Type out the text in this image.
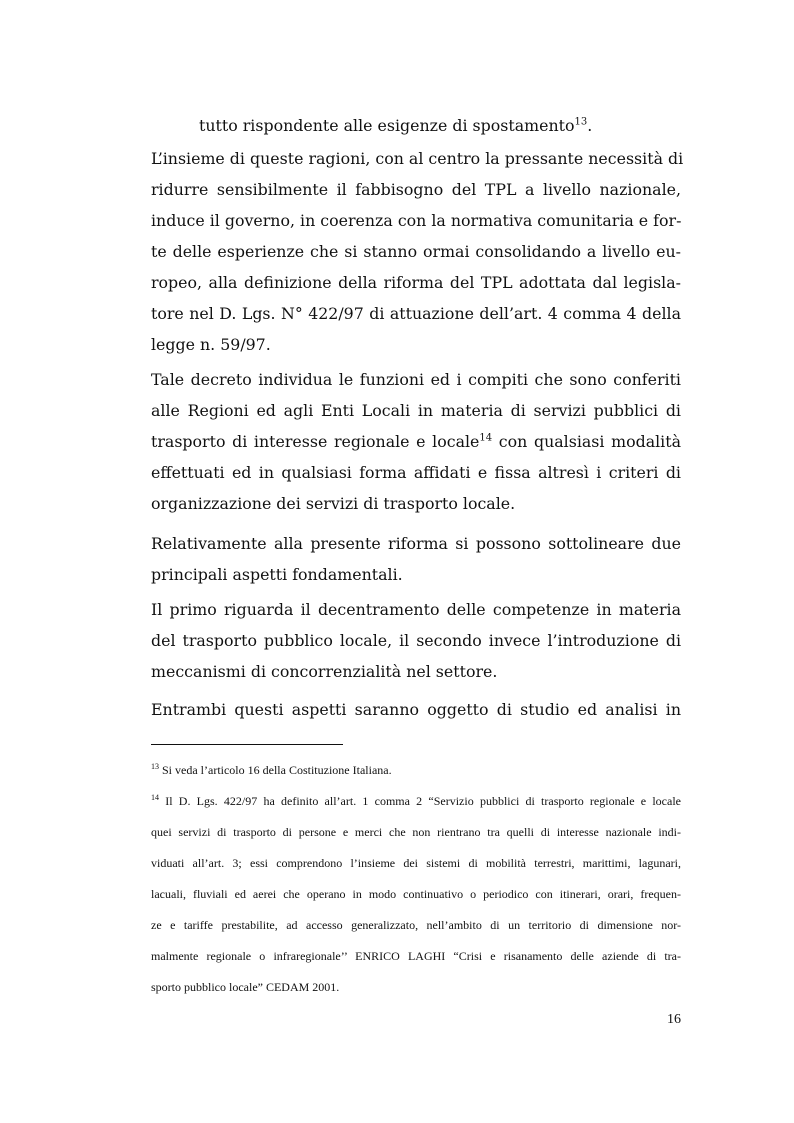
tutto rispondente alle esigenze di spostamento$^{13}$.
L’insieme di queste ragioni, con al centro la pressante necessità di
ridurre sensibilmente il fabbisogno del TPL a livello nazionale,
induce il governo, in coerenza con la normativa comunitaria e for-
te delle esperienze che si stanno ormai consolidando a livello eu-
ropeo, alla definizione della riforma del TPL adottata dal legisla-
tore nel D. Lgs. N° 422/97 di attuazione dell’art. 4 comma 4 della
legge n. 59/97.
Tale decreto individua le funzioni ed i compiti che sono conferiti
alle Regioni ed agli Enti Locali in materia di servizi pubblici di
trasporto di interesse regionale e locale$^{14}$ con qualsiasi modalità
effettuati ed in qualsiasi forma affidati e fissa altresì i criteri di
organizzazione dei servizi di trasporto locale.
Relativamente alla presente riforma si possono sottolineare due
principali aspetti fondamentali.
Il primo riguarda il decentramento delle competenze in materia
del trasporto pubblico locale, il secondo invece l’introduzione di
meccanismi di concorrenzialità nel settore.
Entrambi questi aspetti saranno oggetto di studio ed analisi in
$^{13}$ Si veda l’articolo 16 della Costituzione Italiana.
$^{14}$ Il D. Lgs. 422/97 ha definito all’art. 1 comma 2 “Servizio pubblici di trasporto regionale e locale
quei servizi di trasporto di persone e merci che non rientrano tra quelli di interesse nazionale indi-
viduati all’art. 3; essi comprendono l’insieme dei sistemi di mobilità terrestri, marittimi, lagunari,
lacuali, fluviali ed aerei che operano in modo continuativo o periodico con itinerari, orari, frequen-
ze e tariffe prestabilite, ad accesso generalizzato, nell’ambito di un territorio di dimensione nor-
malmente regionale o infraregionale’’ ENRICO LAGHI “Crisi e risanamento delle aziende di tra-
sporto pubblico locale” CEDAM 2001.
16
